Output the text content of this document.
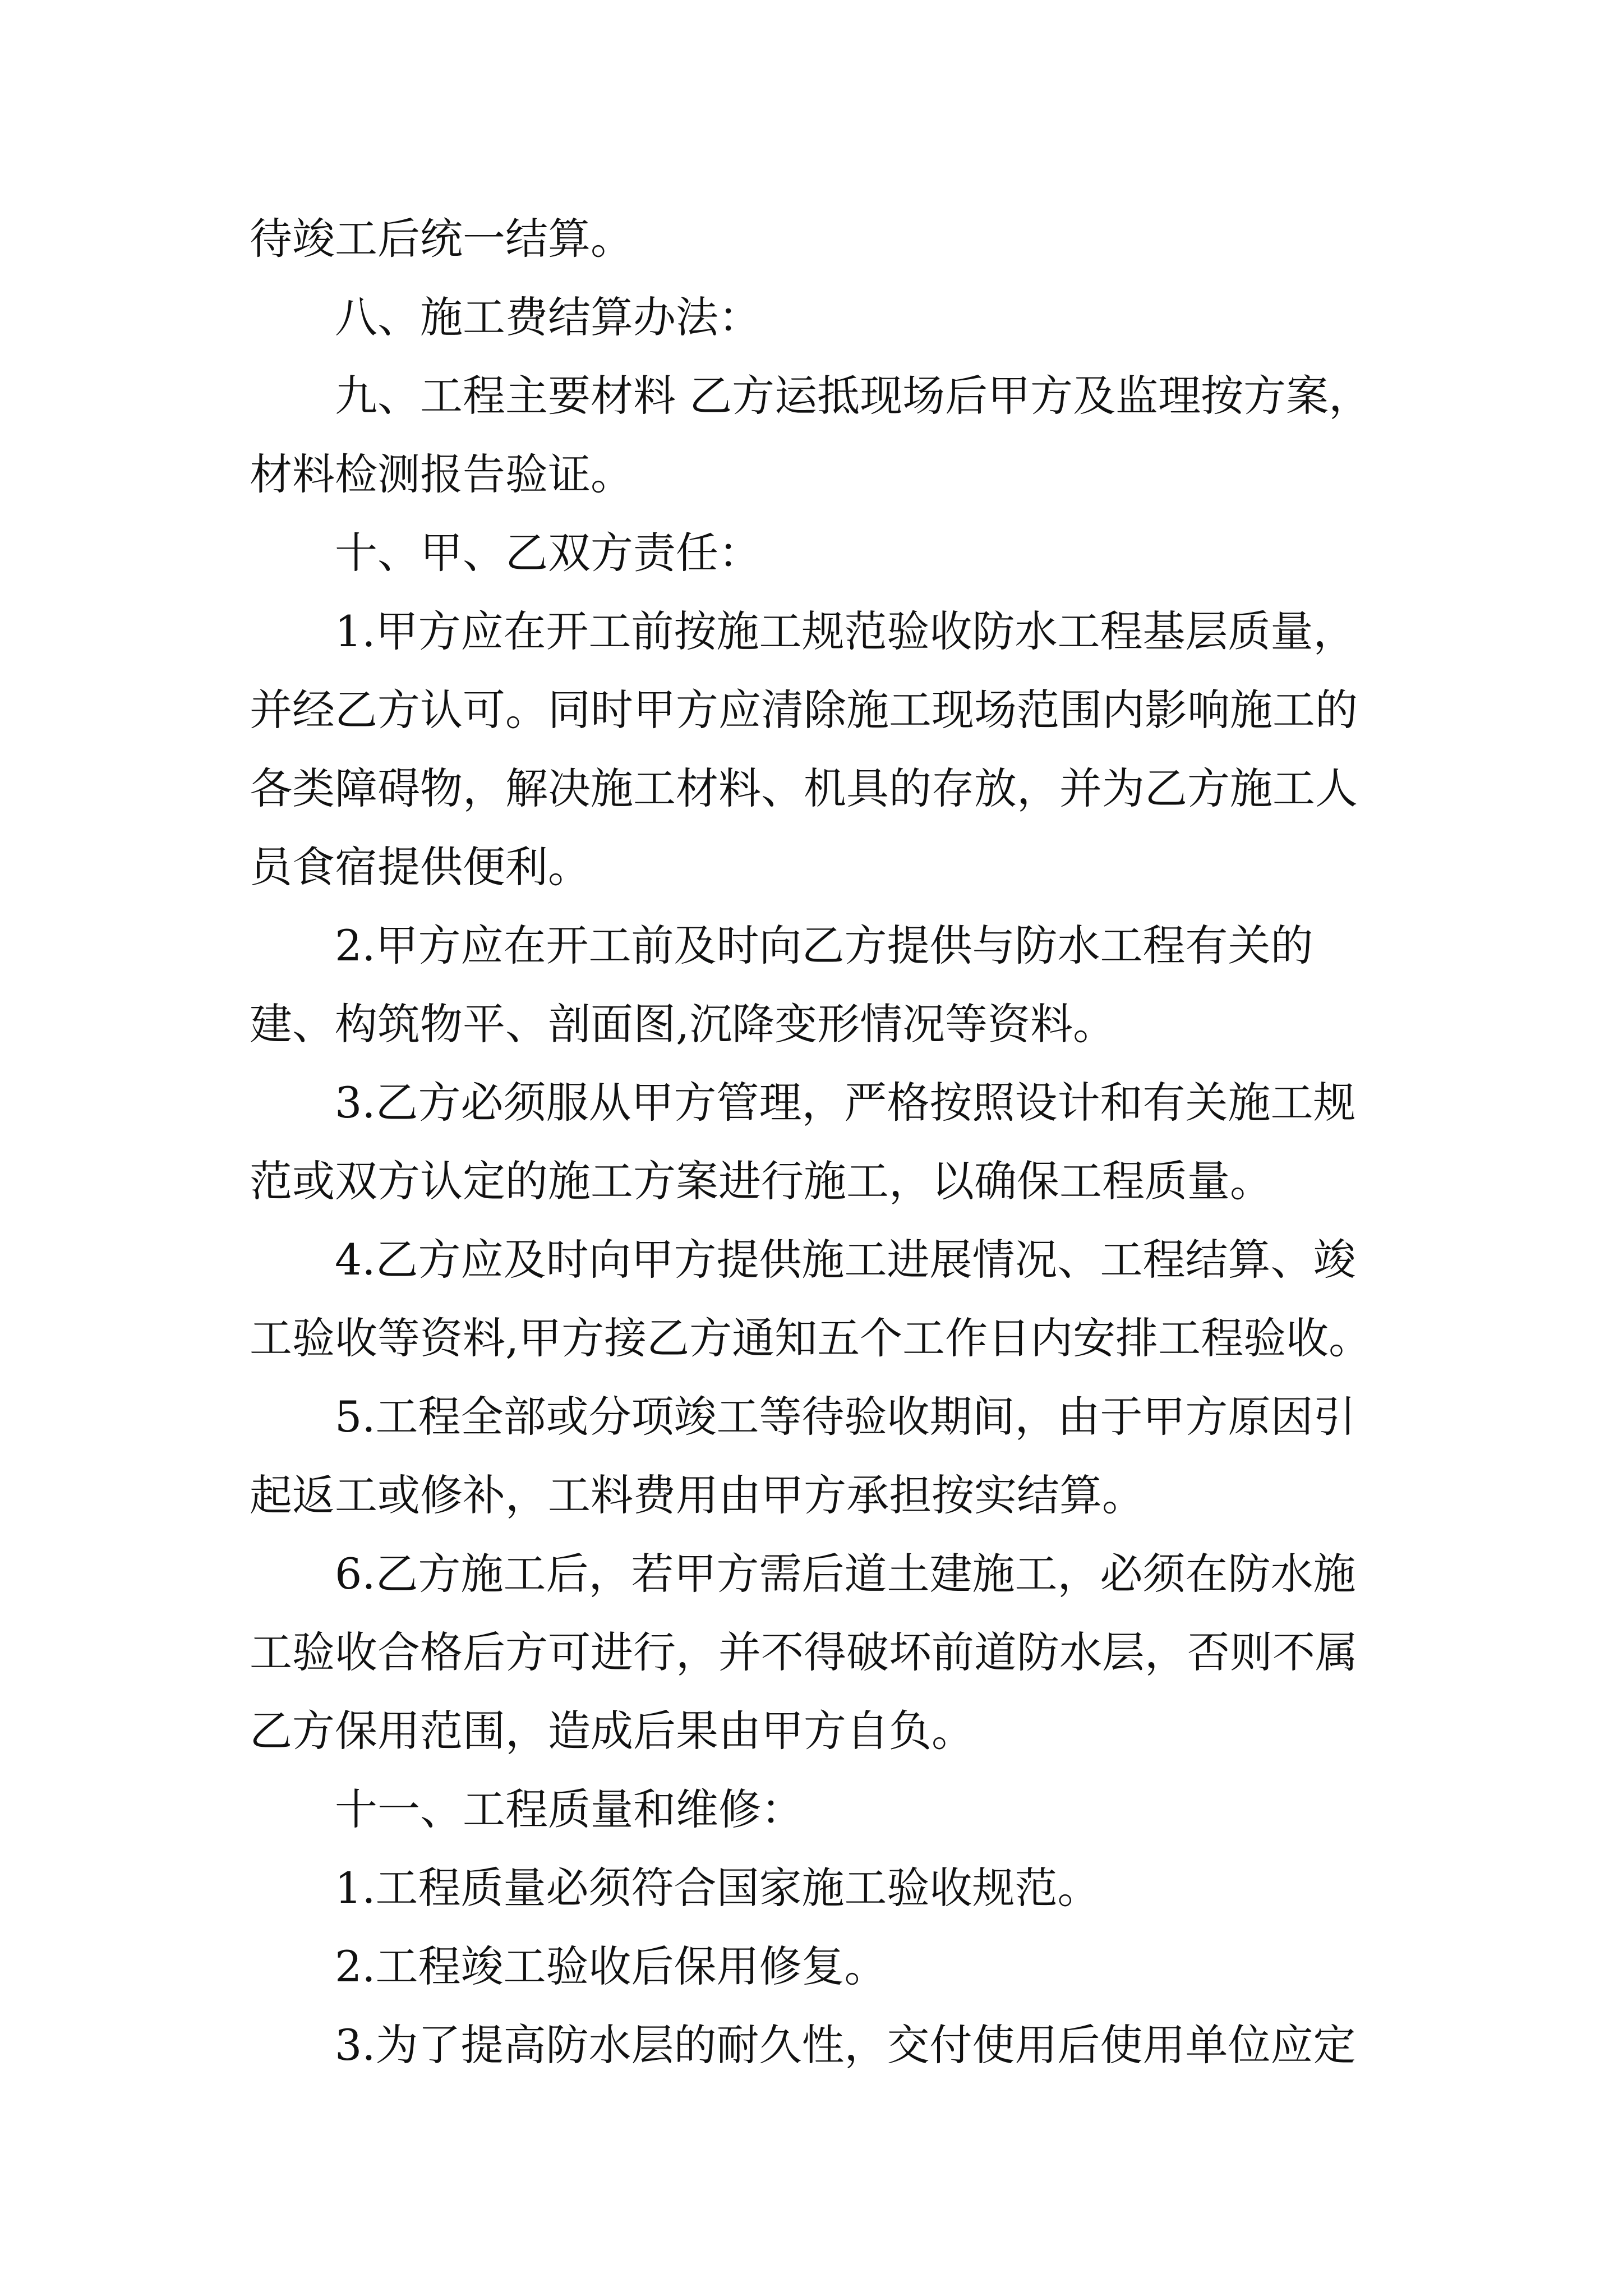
待竣工后统一结算。
八、施工费结算办法：
九、工程主要材料 乙方运抵现场后甲方及监理按方案，
材料检测报告验证。
十、甲、乙双方责任：
1.甲方应在开工前按施工规范验收防水工程基层质量，
并经乙方认可。同时甲方应清除施工现场范围内影响施工的
各类障碍物，解决施工材料、机具的存放，并为乙方施工人
员食宿提供便利。
2.甲方应在开工前及时向乙方提供与防水工程有关的
建、构筑物平、剖面图,沉降变形情况等资料。
3.乙方必须服从甲方管理，严格按照设计和有关施工规
范或双方认定的施工方案进行施工，以确保工程质量。
4.乙方应及时向甲方提供施工进展情况、工程结算、竣
工验收等资料,甲方接乙方通知五个工作日内安排工程验收。
5.工程全部或分项竣工等待验收期间，由于甲方原因引
起返工或修补，工料费用由甲方承担按实结算。
6.乙方施工后，若甲方需后道土建施工，必须在防水施
工验收合格后方可进行，并不得破坏前道防水层，否则不属
乙方保用范围，造成后果由甲方自负。
十一、工程质量和维修：
1.工程质量必须符合国家施工验收规范。
2.工程竣工验收后保用修复。
3.为了提高防水层的耐久性，交付使用后使用单位应定
